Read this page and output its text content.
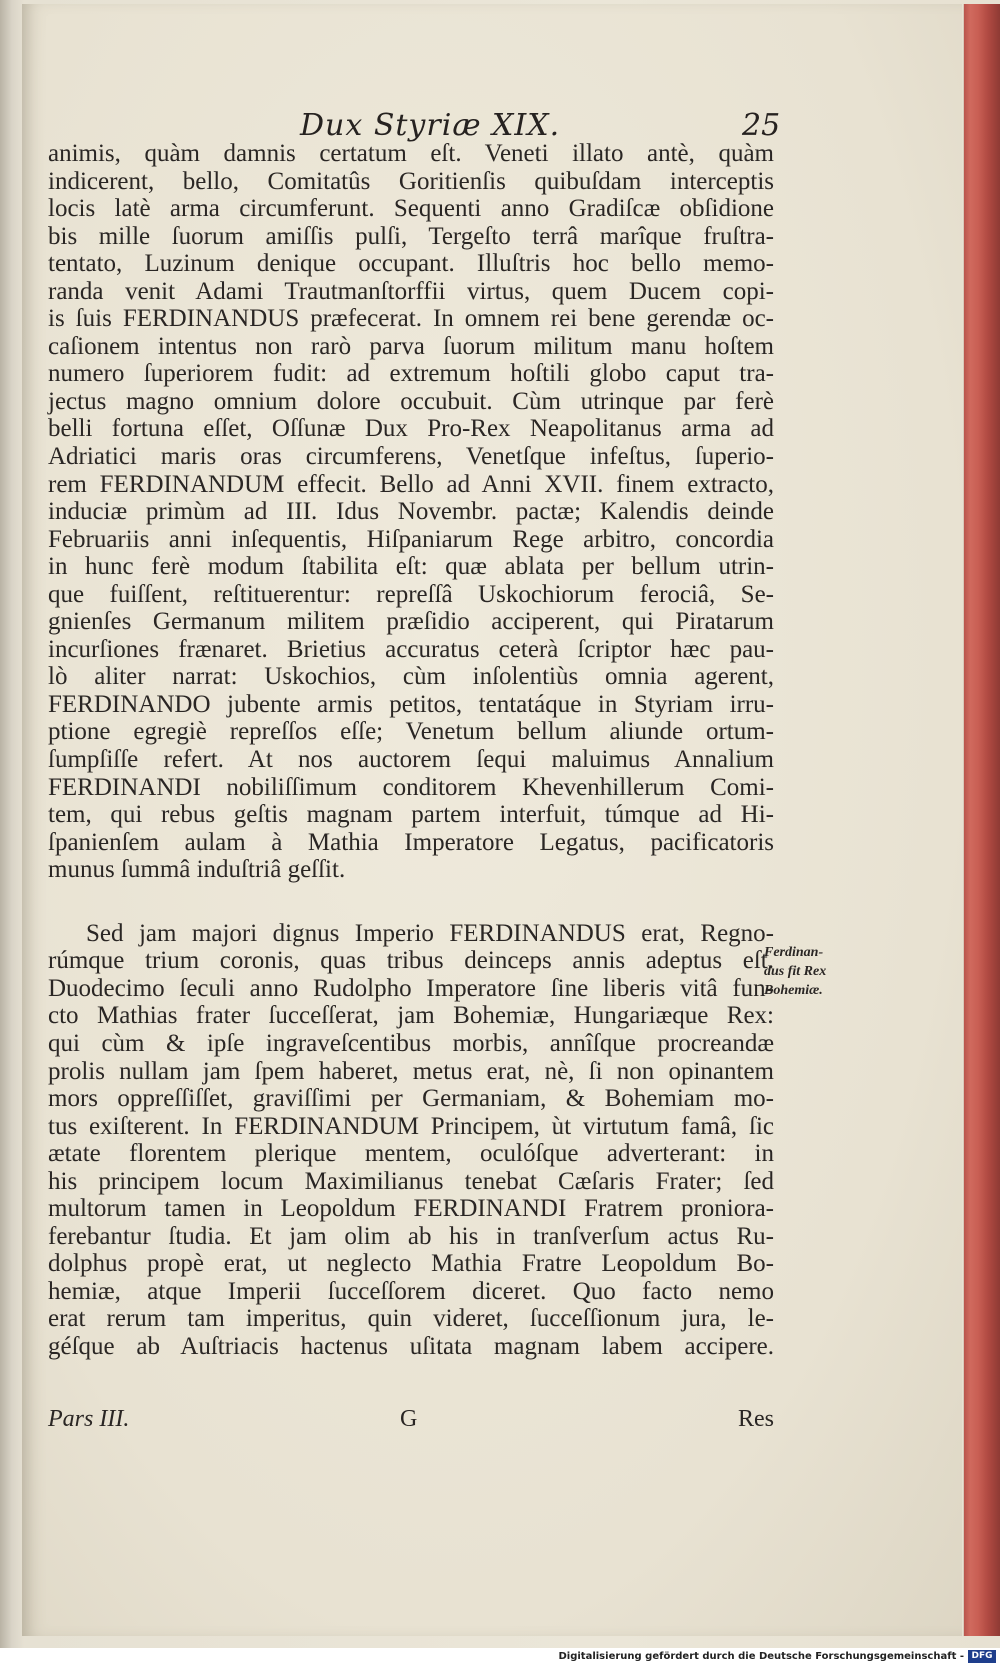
Dux Styriæ XIX.	25
animis, quàm damnis certatum eſt. Veneti illato antè, quàm
indicerent, bello, Comitatûs Goritienſis quibuſdam interceptis
locis latè arma circumferunt. Sequenti anno Gradiſcæ obſidione
bis mille ſuorum amiſſis pulſi, Tergeſto terrâ marîque fruſtra-
tentato, Luzinum denique occupant. Illuſtris hoc bello memo-
randa venit Adami Trautmanſtorffii virtus, quem Ducem copi-
is ſuis FERDINANDUS præfecerat. In omnem rei bene gerendæ oc-
caſionem intentus non rarò parva ſuorum militum manu hoſtem
numero ſuperiorem fudit: ad extremum hoſtili globo caput tra-
jectus magno omnium dolore occubuit. Cùm utrinque par ferè
belli fortuna eſſet, Oſſunæ Dux Pro-Rex Neapolitanus arma ad
Adriatici maris oras circumferens, Venetſque infeſtus, ſuperio-
rem FERDINANDUM effecit. Bello ad Anni XVII. finem extracto,
induciæ primùm ad III. Idus Novembr. pactæ; Kalendis deinde
Februariis anni inſequentis, Hiſpaniarum Rege arbitro, concordia
in hunc ferè modum ſtabilita eſt: quæ ablata per bellum utrin-
que fuiſſent, reſtituerentur: repreſſâ Uskochiorum ferociâ, Se-
gnienſes Germanum militem præſidio acciperent, qui Piratarum
incurſiones frænaret. Brietius accuratus ceterà ſcriptor hæc pau-
lò aliter narrat: Uskochios, cùm inſolentiùs omnia agerent,
FERDINANDO jubente armis petitos, tentatáque in Styriam irru-
ptione egregiè repreſſos eſſe; Venetum bellum aliunde ortum-
ſumpſiſſe refert. At nos auctorem ſequi maluimus Annalium
FERDINANDI nobiliſſimum conditorem Khevenhillerum Comi-
tem, qui rebus geſtis magnam partem interfuit, túmque ad Hi-
ſpanienſem aulam à Mathia Imperatore Legatus, pacificatoris
munus ſummâ induſtriâ geſſit.
Sed jam majori dignus Imperio FERDINANDUS erat, Regno-
rúmque trium coronis, quas tribus deinceps annis adeptus eſt.
Duodecimo ſeculi anno Rudolpho Imperatore ſine liberis vitâ fun-
cto Mathias frater ſucceſſerat, jam Bohemiæ, Hungariæque Rex:
qui cùm & ipſe ingraveſcentibus morbis, annîſque procreandæ
prolis nullam jam ſpem haberet, metus erat, nè, ſi non opinantem
mors oppreſſiſſet, graviſſimi per Germaniam, & Bohemiam mo-
tus exiſterent. In FERDINANDUM Principem, ùt virtutum famâ, ſic
ætate florentem plerique mentem, oculóſque adverterant: in
his principem locum Maximilianus tenebat Cæſaris Frater; ſed
multorum tamen in Leopoldum FERDINANDI Fratrem proniora-
ferebantur ſtudia. Et jam olim ab his in tranſverſum actus Ru-
dolphus propè erat, ut neglecto Mathia Fratre Leopoldum Bo-
hemiæ, atque Imperii ſucceſſorem diceret. Quo facto nemo
erat rerum tam imperitus, quin videret, ſucceſſionum jura, le-
géſque ab Auſtriacis hactenus uſitata magnam labem accipere.
Ferdinan-
dus fit Rex
Bohemiæ.
Pars III.	G	Res
Digitalisierung gefördert durch die Deutsche Forschungsgemeinschaft - DFG
